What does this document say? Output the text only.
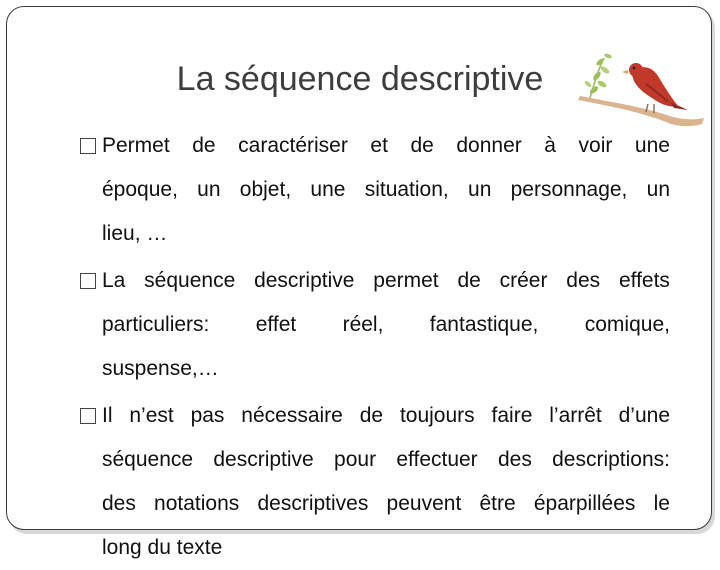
La séquence descriptive
Permet de caractériser et de donner à voir une
époque, un objet, une situation, un personnage, un
lieu, …
La séquence descriptive permet de créer des effets
particuliers: effet réel, fantastique, comique,
suspense,…
Il n’est pas nécessaire de toujours faire l’arrêt d’une
séquence descriptive pour effectuer des descriptions:
des notations descriptives peuvent être éparpillées le
long du texte
